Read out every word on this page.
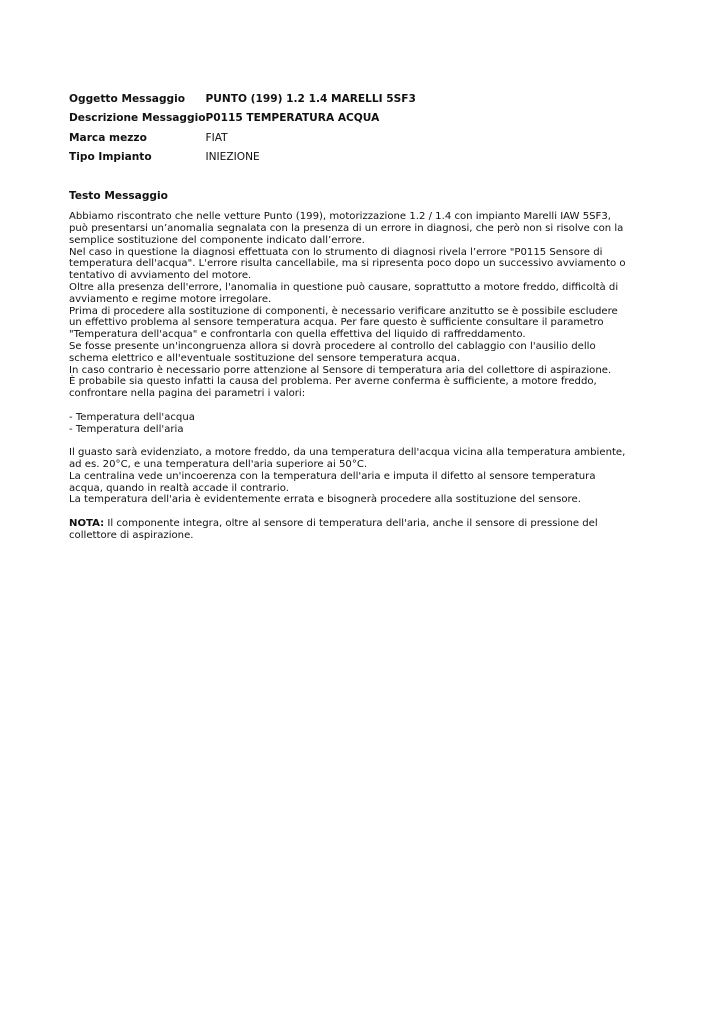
Oggetto Messaggio	PUNTO (199) 1.2 1.4 MARELLI 5SF3
Descrizione Messaggio	P0115 TEMPERATURA ACQUA
Marca mezzo	FIAT
Tipo Impianto	INIEZIONE
Testo Messaggio

Abbiamo riscontrato che nelle vetture Punto (199), motorizzazione 1.2 / 1.4 con impianto Marelli IAW 5SF3, può presentarsi un’anomalia segnalata con la presenza di un errore in diagnosi, che però non si risolve con la semplice sostituzione del componente indicato dall’errore.

Nel caso in questione la diagnosi effettuata con lo strumento di diagnosi rivela l’errore "P0115 Sensore di temperatura dell'acqua". L'errore risulta cancellabile, ma si ripresenta poco dopo un successivo avviamento o tentativo di avviamento del motore.

Oltre alla presenza dell'errore, l'anomalia in questione può causare, soprattutto a motore freddo, difficoltà di avviamento e regime motore irregolare.

Prima di procedere alla sostituzione di componenti, è necessario verificare anzitutto se è possibile escludere un effettivo problema al sensore temperatura acqua. Per fare questo è sufficiente consultare il parametro "Temperatura dell'acqua" e confrontarla con quella effettiva del liquido di raffreddamento.

Se fosse presente un'incongruenza allora si dovrà procedere al controllo del cablaggio con l'ausilio dello schema elettrico e all'eventuale sostituzione del sensore temperatura acqua.

In caso contrario è necessario porre attenzione al Sensore di temperatura aria del collettore di aspirazione.

È probabile sia questo infatti la causa del problema. Per averne conferma è sufficiente, a motore freddo, confrontare nella pagina dei parametri i valori:

- Temperatura dell'acqua

- Temperatura dell'aria

Il guasto sarà evidenziato, a motore freddo, da una temperatura dell'acqua vicina alla temperatura ambiente, ad es. 20°C, e una temperatura dell'aria superiore ai 50°C.

La centralina vede un'incoerenza con la temperatura dell'aria e imputa il difetto al sensore temperatura acqua, quando in realtà accade il contrario.

La temperatura dell'aria è evidentemente errata e bisognerà procedere alla sostituzione del sensore.

NOTA: Il componente integra, oltre al sensore di temperatura dell'aria, anche il sensore di pressione del collettore di aspirazione.
